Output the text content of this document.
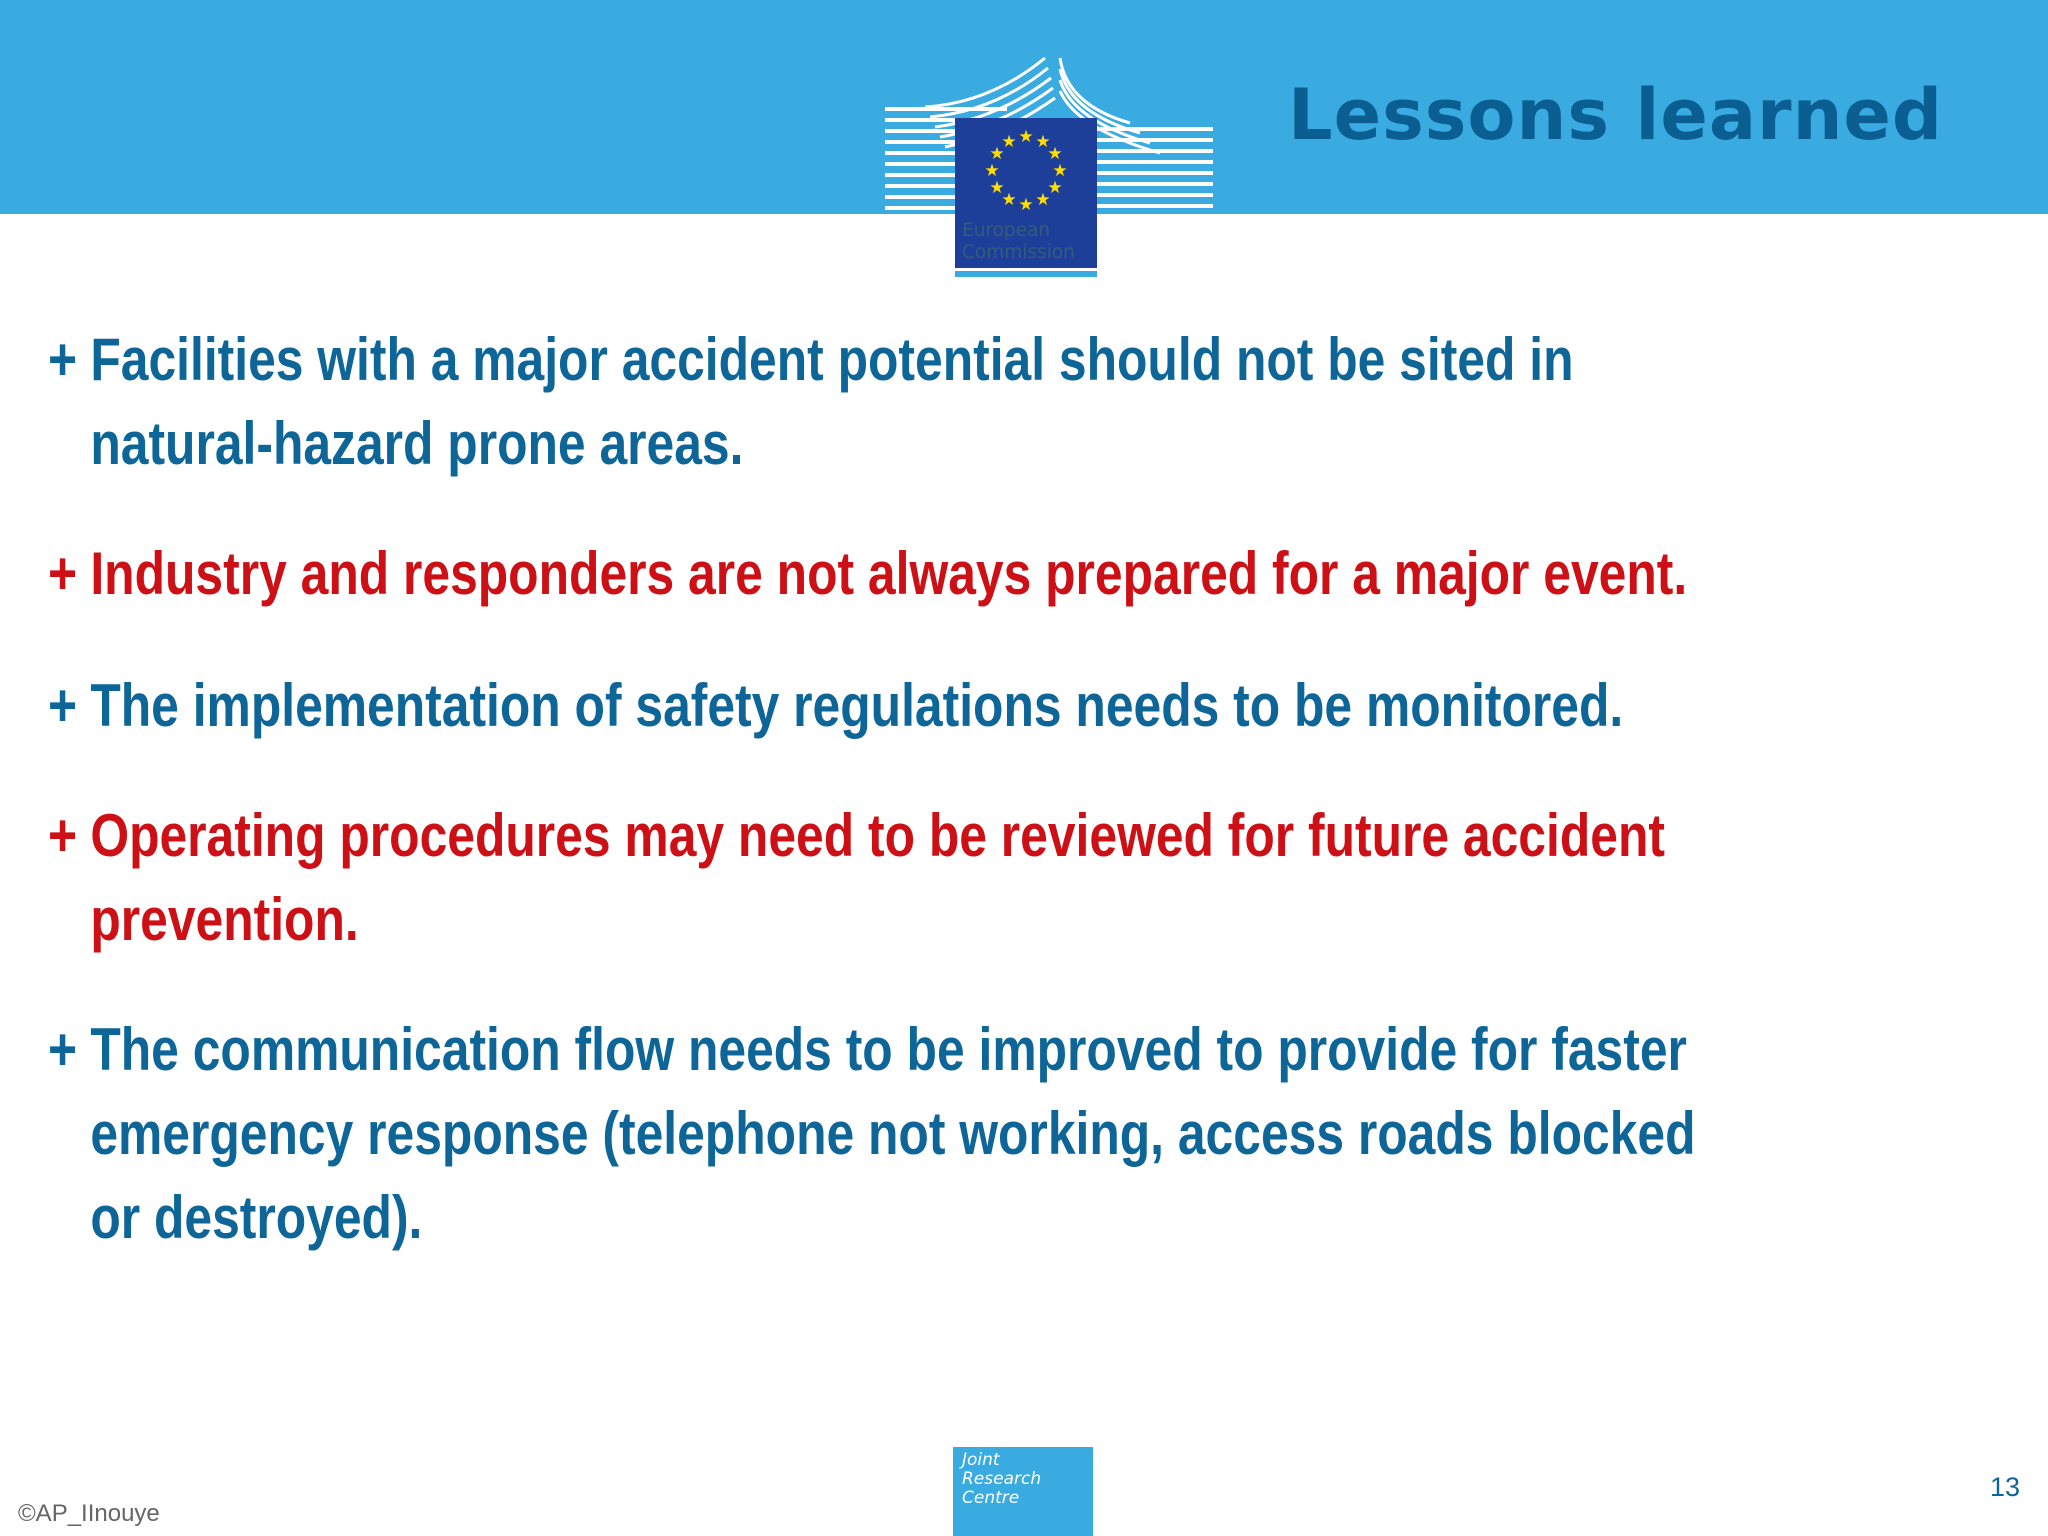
Lessons learned
★ ★
★
★
★
★
★
★
★
★
★
★
European
Commission
+ Facilities with a major accident potential should not be sited in
natural-hazard prone areas.
+ Industry and responders are not always prepared for a major event.
+ The implementation of safety regulations needs to be monitored.
+ Operating procedures may need to be reviewed for future accident
prevention.
+ The communication flow needs to be improved to provide for faster
emergency response (telephone not working, access roads blocked
or destroyed).
©AP_IInouye
Joint
Research
Centre	13
